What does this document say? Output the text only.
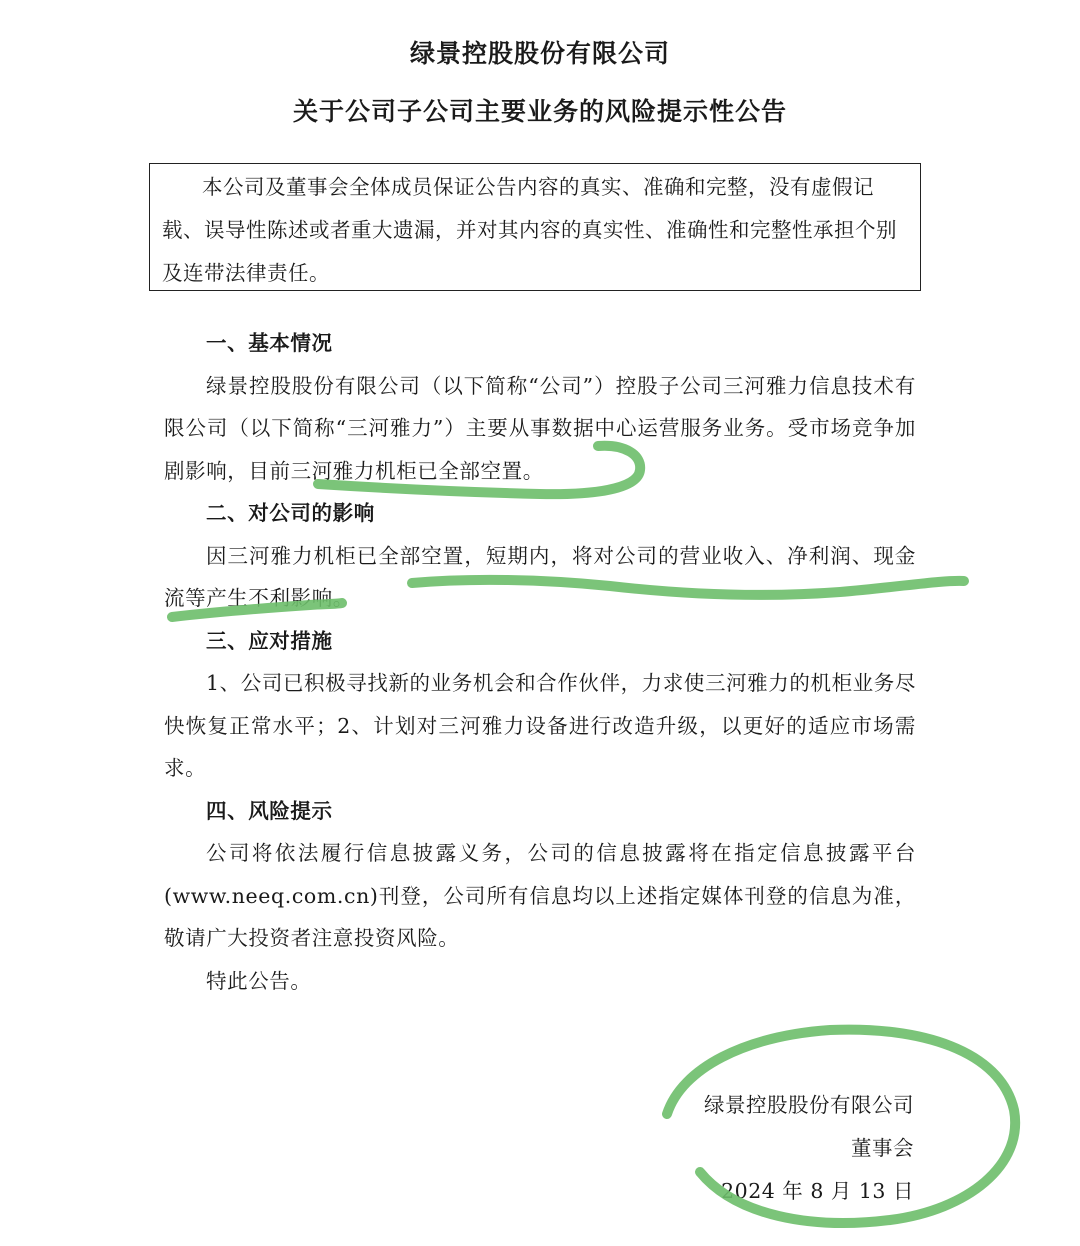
绿景控股股份有限公司
关于公司子公司主要业务的风险提示性公告
本公司及董事会全体成员保证公告内容的真实、准确和完整，没有虚假记载、误导性陈述或者重大遗漏，并对其内容的真实性、准确性和完整性承担个别及连带法律责任。
一、基本情况

绿景控股股份有限公司（以下简称“公司”）控股子公司三河雅力信息技术有限公司（以下简称“三河雅力”）主要从事数据中心运营服务业务。受市场竞争加剧影响，目前三河雅力机柜已全部空置。

二、对公司的影响

因三河雅力机柜已全部空置，短期内，将对公司的营业收入、净利润、现金流等产生不利影响。

三、应对措施

1、公司已积极寻找新的业务机会和合作伙伴，力求使三河雅力的机柜业务尽快恢复正常水平；2、计划对三河雅力设备进行改造升级，以更好的适应市场需求。

四、风险提示

公司将依法履行信息披露义务，公司的信息披露将在指定信息披露平台(www.neeq.com.cn)刊登，公司所有信息均以上述指定媒体刊登的信息为准，敬请广大投资者注意投资风险。

特此公告。

绿景控股股份有限公司
董事会
2024 年 8 月 13 日
